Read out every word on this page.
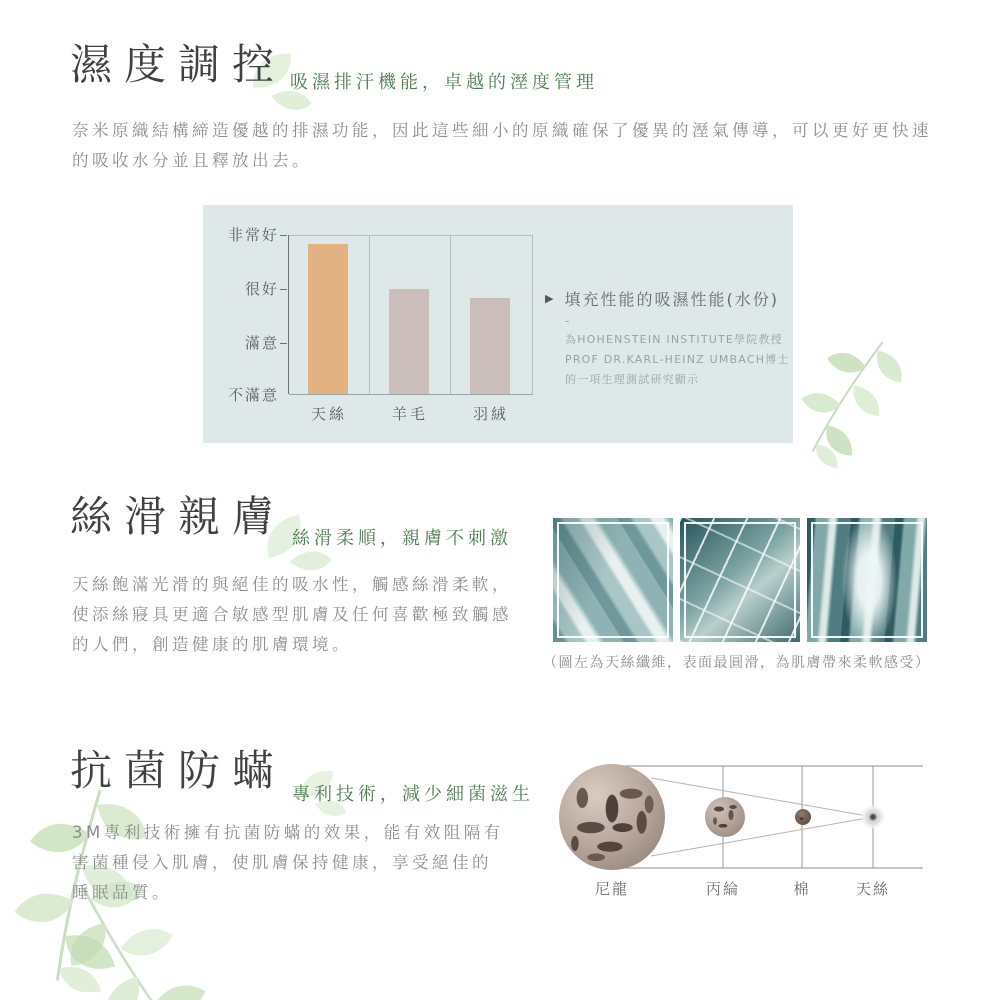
濕度調控 吸濕排汗機能，卓越的溼度管理
奈米原織結構締造優越的排濕功能，因此這些細小的原織確保了優異的溼氣傳導，可以更好更快速
的吸收水分並且釋放出去。
非常好
很好
滿意
不滿意
天絲	羊毛	羽絨
▶ 填充性能的吸濕性能(水份)
-
為HOHENSTEIN INSTITUTE學院教授
PROF DR.KARL-HEINZ UMBACH博士
的一項生理測試研究顯示
絲滑親膚 絲滑柔順，親膚不刺激
天絲飽滿光滑的與絕佳的吸水性，觸感絲滑柔軟，
使添絲寢具更適合敏感型肌膚及任何喜歡極致觸感
的人們，創造健康的肌膚環境。
（圖左為天絲纖維，表面最圓滑，為肌膚帶來柔軟感受）
抗菌防蟎 專利技術，減少細菌滋生
3M專利技術擁有抗菌防蟎的效果，能有效阻隔有
害菌種侵入肌膚，使肌膚保持健康，享受絕佳的
睡眠品質。	尼龍	丙綸	棉	天絲
